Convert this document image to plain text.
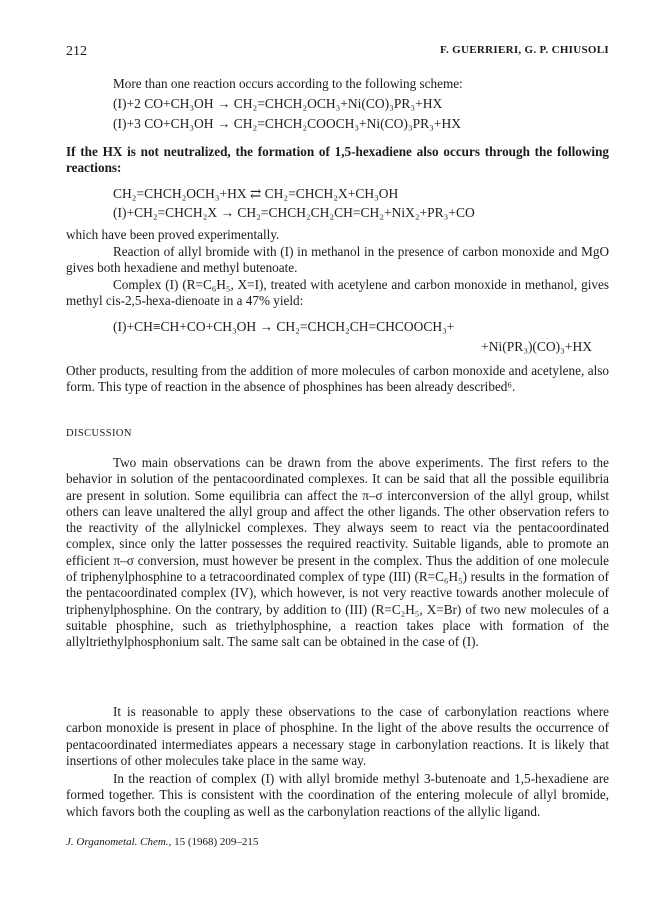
212	F. GUERRIERI, G. P. CHIUSOLI

More than one reaction occurs according to the following scheme:

(I)+2 CO+CH₃OH → CH₂=CHCH₂OCH₃+Ni(CO)₃PR₃+HX
(I)+3 CO+CH₃OH → CH₂=CHCH₂COOCH₃+Ni(CO)₃PR₃+HX

If the HX is not neutralized, the formation of 1,5-hexadiene also occurs through the following reactions:

CH₂=CHCH₂OCH₃+HX ⇄ CH₂=CHCH₂X+CH₃OH
(I)+CH₂=CHCH₂X → CH₂=CHCH₂CH₂CH=CH₂+NiX₂+PR₃+CO

which have been proved experimentally.

Reaction of allyl bromide with (I) in methanol in the presence of carbon monoxide and MgO gives both hexadiene and methyl butenoate.

Complex (I) (R=C₆H₅, X=I), treated with acetylene and carbon monoxide in methanol, gives methyl cis-2,5-hexa-dienoate in a 47% yield:

(I)+CH≡CH+CO+CH₃OH → CH₂=CHCH₂CH=CHCOOCH₃+
+Ni(PR₃)(CO)₃+HX

Other products, resulting from the addition of more molecules of carbon monoxide and acetylene, also form. This type of reaction in the absence of phosphines has been already described⁶.

DISCUSSION

Two main observations can be drawn from the above experiments. The first refers to the behavior in solution of the pentacoordinated complexes. It can be said that all the possible equilibria are present in solution. Some equilibria can affect the π–σ interconversion of the allyl group, whilst others can leave unaltered the allyl group and affect the other ligands. The other observation refers to the reactivity of the allylnickel complexes. They always seem to react via the pentacoordinated complex, since only the latter possesses the required reactivity. Suitable ligands, able to promote an efficient π–σ conversion, must however be present in the complex. Thus the addition of one molecule of triphenylphosphine to a tetracoordinated complex of type (III) (R=C₆H₅) results in the formation of the pentacoordinated complex (IV), which however, is not very reactive towards another molecule of triphenylphosphine. On the contrary, by addition to (III) (R=C₂H₅, X=Br) of two new molecules of a suitable phosphine, such as triethylphosphine, a reaction takes place with formation of the allyltriethylphosphonium salt. The same salt can be obtained in the case of (I).

It is reasonable to apply these observations to the case of carbonylation reactions where carbon monoxide is present in place of phosphine. In the light of the above results the occurrence of pentacoordinated intermediates appears a necessary stage in carbonylation reactions. It is likely that insertions of other molecules take place in the same way.

In the reaction of complex (I) with allyl bromide methyl 3-butenoate and 1,5-hexadiene are formed together. This is consistent with the coordination of the entering molecule of allyl bromide, which favors both the coupling as well as the carbonylation reactions of the allylic ligand.

J. Organometal. Chem., 15 (1968) 209–215
